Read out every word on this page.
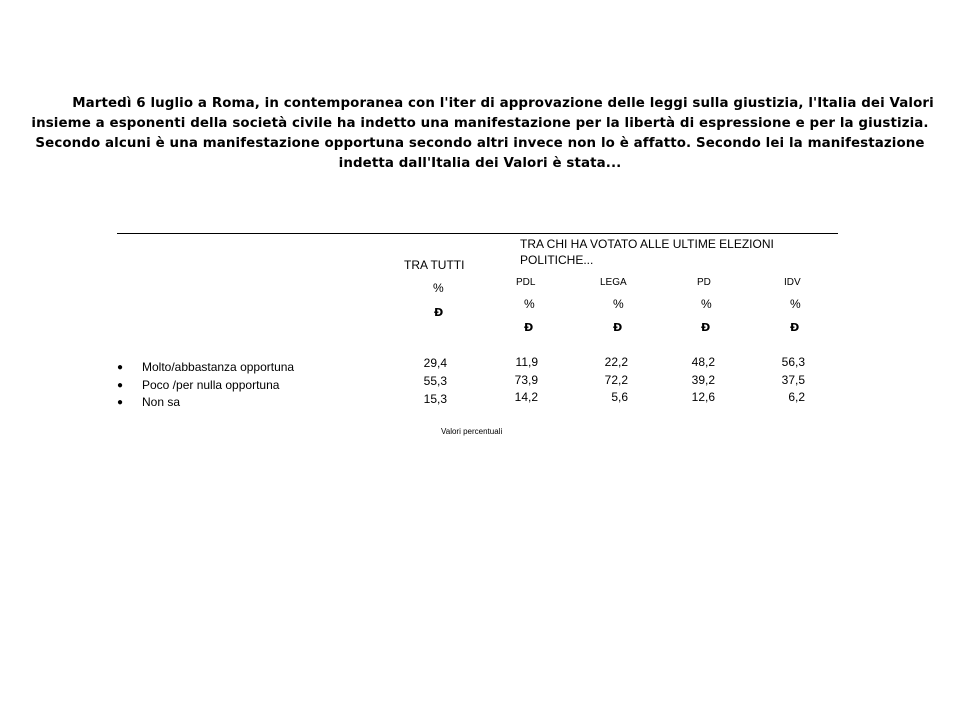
Martedì 6 luglio a Roma, in contemporanea con l'iter di approvazione delle leggi sulla giustizia, l'Italia dei Valori

insieme a esponenti della società civile ha indetto una manifestazione per la libertà di espressione e per la giustizia.

Secondo alcuni è una manifestazione opportuna secondo altri invece non lo è affatto. Secondo lei la manifestazione

indetta dall'Italia dei Valori è stata...

TRA TUTTI
TRA CHI HA VOTATO ALLE ULTIME ELEZIONI
POLITICHE...
PDL	LEGA	PD	IDV
%
Ð
%	%	%	%
Ð	Ð	Ð	Ð
● Molto/abbastanza opportuna	29,4	11,9	22,2	48,2	56,3
● Poco /per nulla opportuna	55,3	73,9	72,2	39,2	37,5
● Non sa	15,3	14,2	5,6	12,6	6,2
Valori percentuali
